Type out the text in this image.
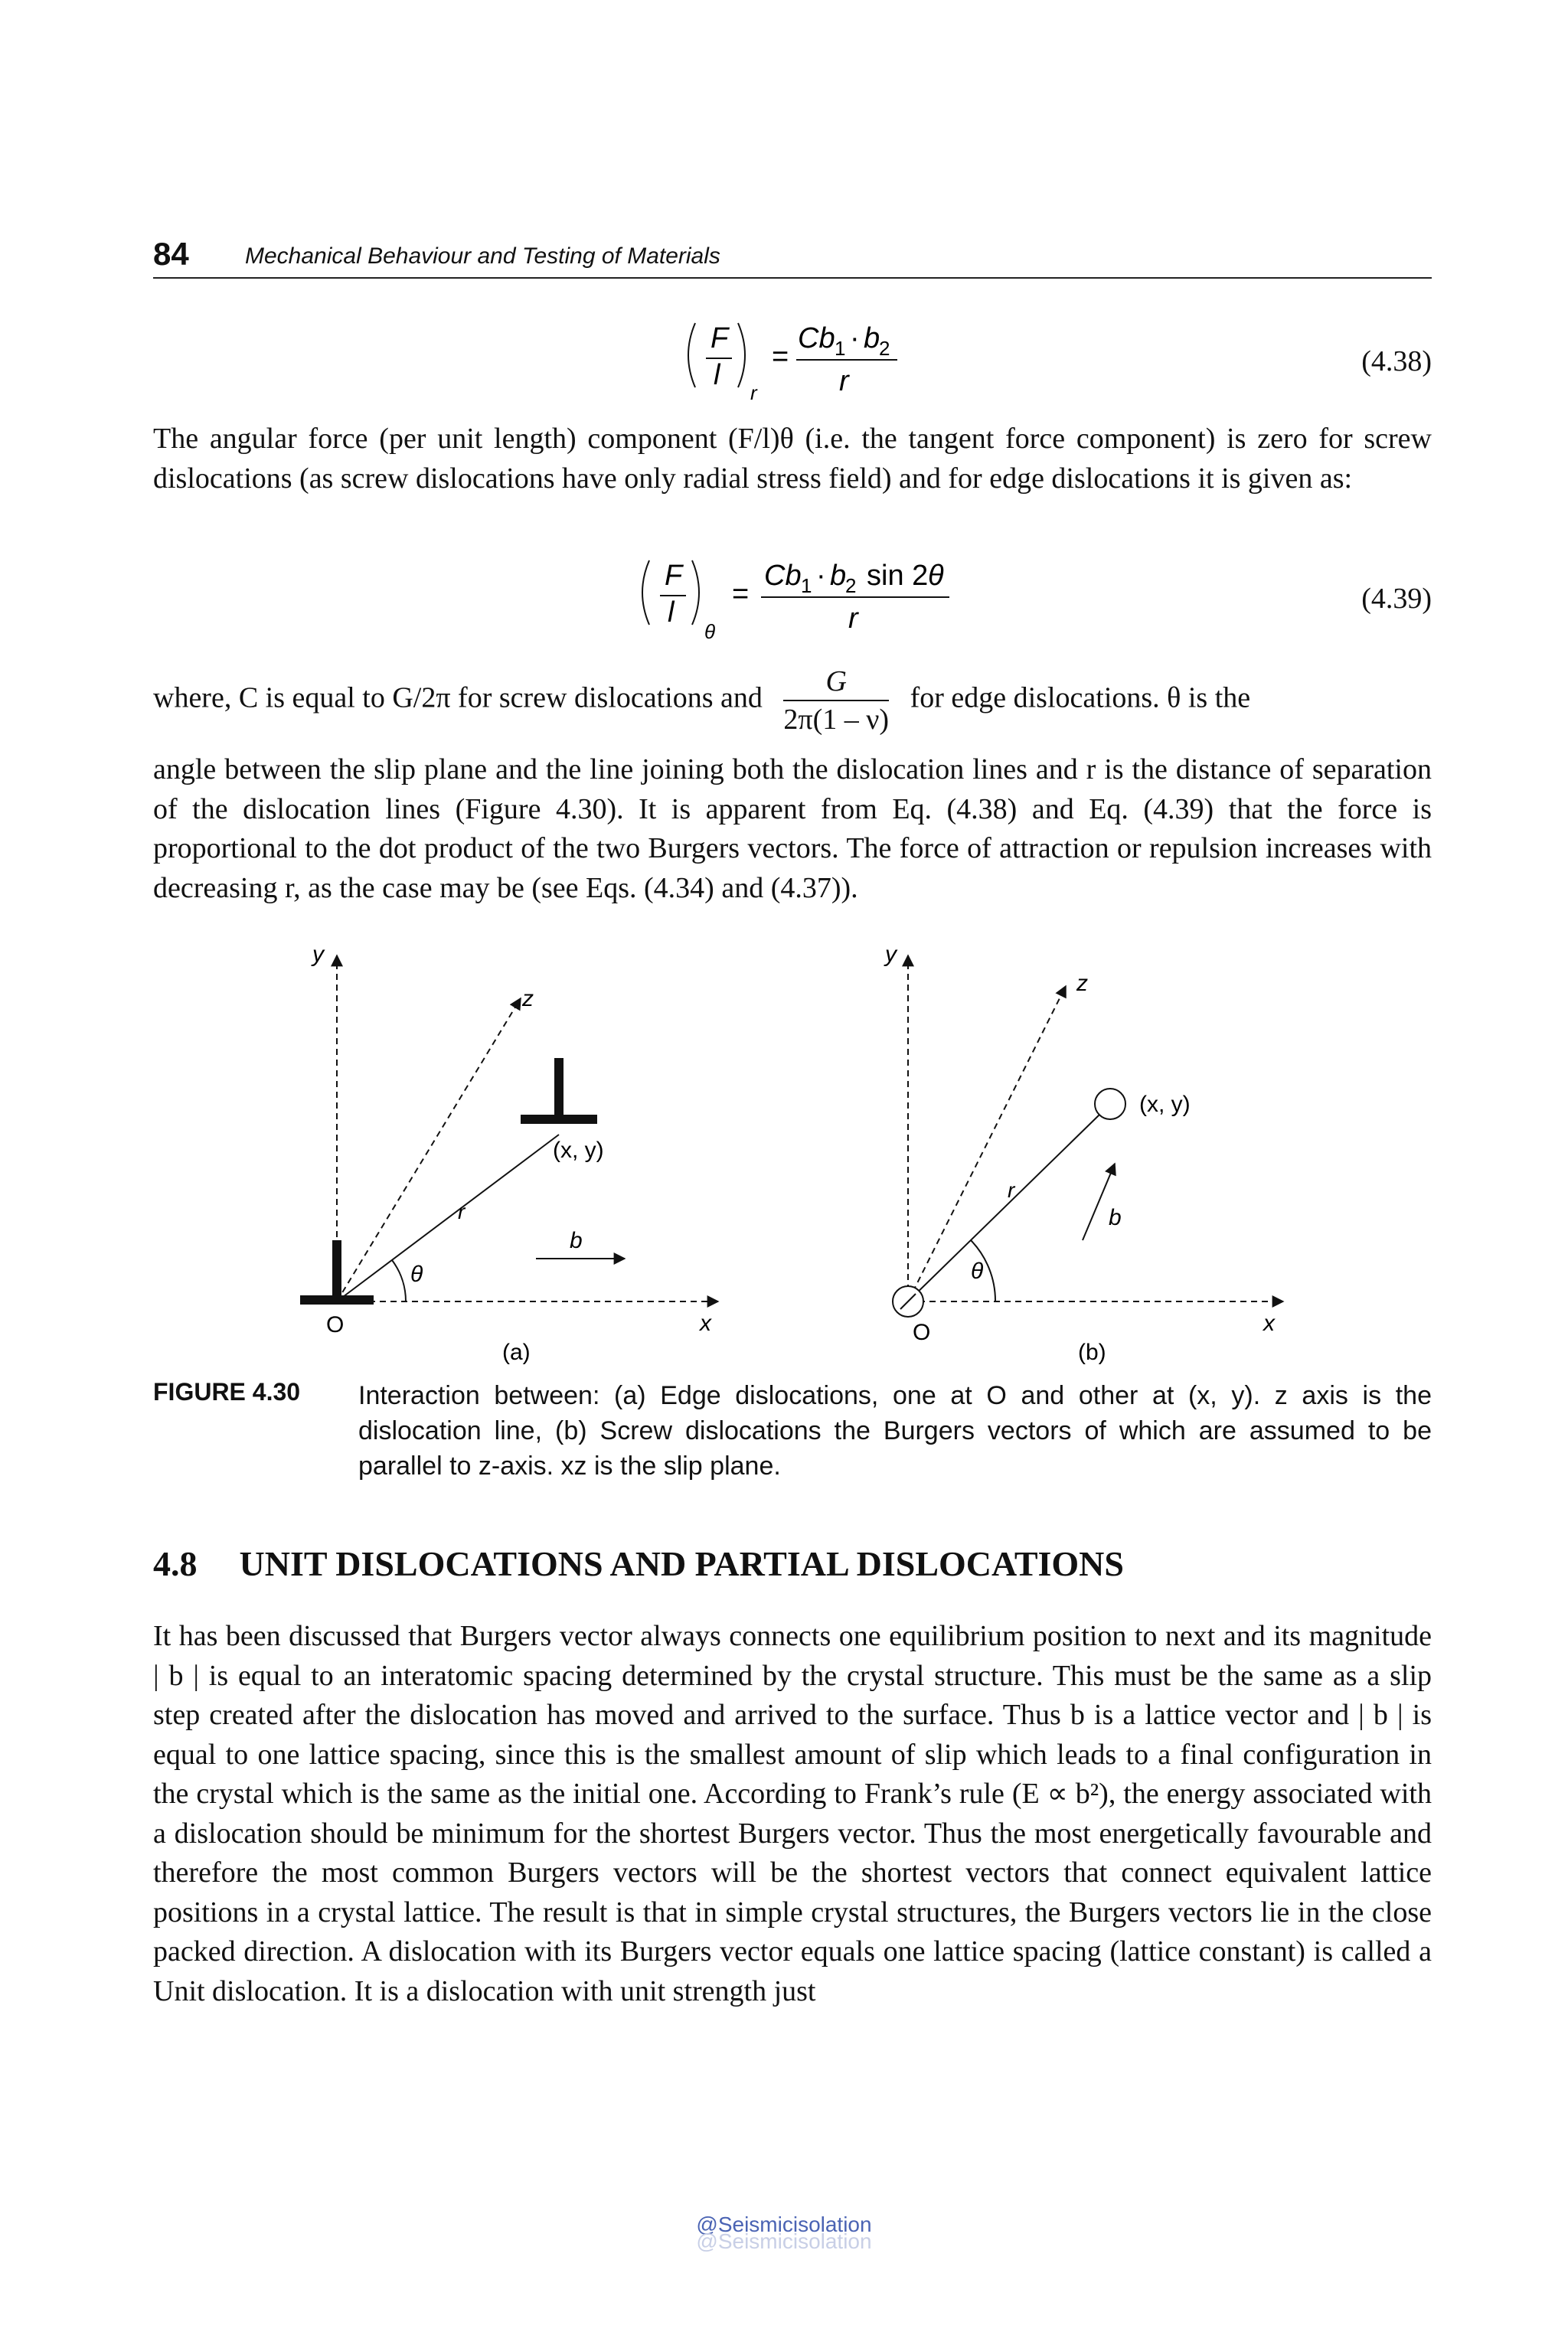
84 Mechanical Behaviour and Testing of Materials
F
l
r
=
Cb 1 · b
2
r
(4.38)

The angular force (per unit length) component (F/l)θ (i.e. the tangent force component) is zero for screw dislocations (as screw dislocations have only radial stress field) and for edge dislocations it is given as:

F
l
θ
=
Cb 1 · b
2 sin 2 θ
r
(4.39)
where, C is equal to G/2π for screw dislocations and $\frac{G}{2\pi(1 - \nu)}$ for edge dislocations. θ is the

angle between the slip plane and the line joining both the dislocation lines and r is the distance of separation of the dislocation lines (Figure 4.30). It is apparent from Eq. (4.38) and Eq. (4.39) that the force is proportional to the dot product of the two Burgers vectors. The force of attraction or repulsion increases with decreasing r, as the case may be (see Eqs. (4.34) and (4.37)).

y
x
z
r
θ
O
(x, y)
b
(a)
y
x
z
r
θ
O
(x, y)
b
(b)
FIGURE 4.30 Interaction between: (a) Edge dislocations, one at O and other at (x, y). z axis is the dislocation line, (b) Screw dislocations the Burgers vectors of which are assumed to be parallel to z-axis. xz is the slip plane.
4.8 UNIT DISLOCATIONS AND PARTIAL DISLOCATIONS

It has been discussed that Burgers vector always connects one equilibrium position to next and its magnitude | b | is equal to an interatomic spacing determined by the crystal structure. This must be the same as a slip step created after the dislocation has moved and arrived to the surface. Thus b is a lattice vector and | b | is equal to one lattice spacing, since this is the smallest amount of slip which leads to a final configuration in the crystal which is the same as the initial one. According to Frank’s rule (E ∝ b²), the energy associated with a dislocation should be minimum for the shortest Burgers vector. Thus the most energetically favourable and therefore the most common Burgers vectors will be the shortest vectors that connect equivalent lattice positions in a crystal lattice. The result is that in simple crystal structures, the Burgers vectors lie in the close packed direction. A dislocation with its Burgers vector equals one lattice spacing (lattice constant) is called a Unit dislocation. It is a dislocation with unit strength just

@Seismicisolation
@Seismicisolation
